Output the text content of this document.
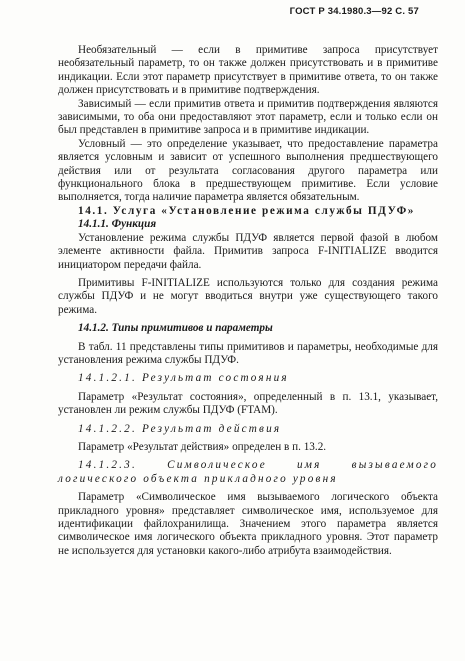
ГОСТ Р 34.1980.3—92 С. 57

Необязательный — если в примитиве запроса присутствует необязательный параметр, то он также должен присутствовать и в примитиве индикации. Если этот параметр присутствует в примитиве ответа, то он также должен присутствовать и в примитиве подтверждения.

Зависимый — если примитив ответа и примитив подтверждения являются зависимыми, то оба они предоставляют этот параметр, если и только если он был представлен в примитиве запроса и в примитиве индикации.

Условный — это определение указывает, что предоставление параметра является условным и зависит от успешного выполнения предшествующего действия или от результата согласования другого параметра или функционального блока в предшествующем примитиве. Если условие выполняется, тогда наличие параметра является обязательным.

14.1. Услуга «Установление режима службы ПДУФ»

14.1.1. Функция

Установление режима службы ПДУФ является первой фазой в любом элементе активности файла. Примитив запроса F-INITIALIZE вводится инициатором передачи файла.

Примитивы F-INITIALIZE используются только для создания режима службы ПДУФ и не могут вводиться внутри уже существующего такого режима.

14.1.2. Типы примитивов и параметры

В табл. 11 представлены типы примитивов и параметры, необходимые для установления режима службы ПДУФ.

14.1.2.1. Результат состояния

Параметр «Результат состояния», определенный в п. 13.1, указывает, установлен ли режим службы ПДУФ (FTAM).

14.1.2.2. Результат действия

Параметр «Результат действия» определен в п. 13.2.

14.1.2.3. Символическое имя вызываемого логического объекта прикладного уровня

Параметр «Символическое имя вызываемого логического объекта прикладного уровня» представляет символическое имя, используемое для идентификации файлохранилища. Значением этого параметра является символическое имя логического объекта прикладного уровня. Этот параметр не используется для установки какого-либо атрибута взаимодействия.
